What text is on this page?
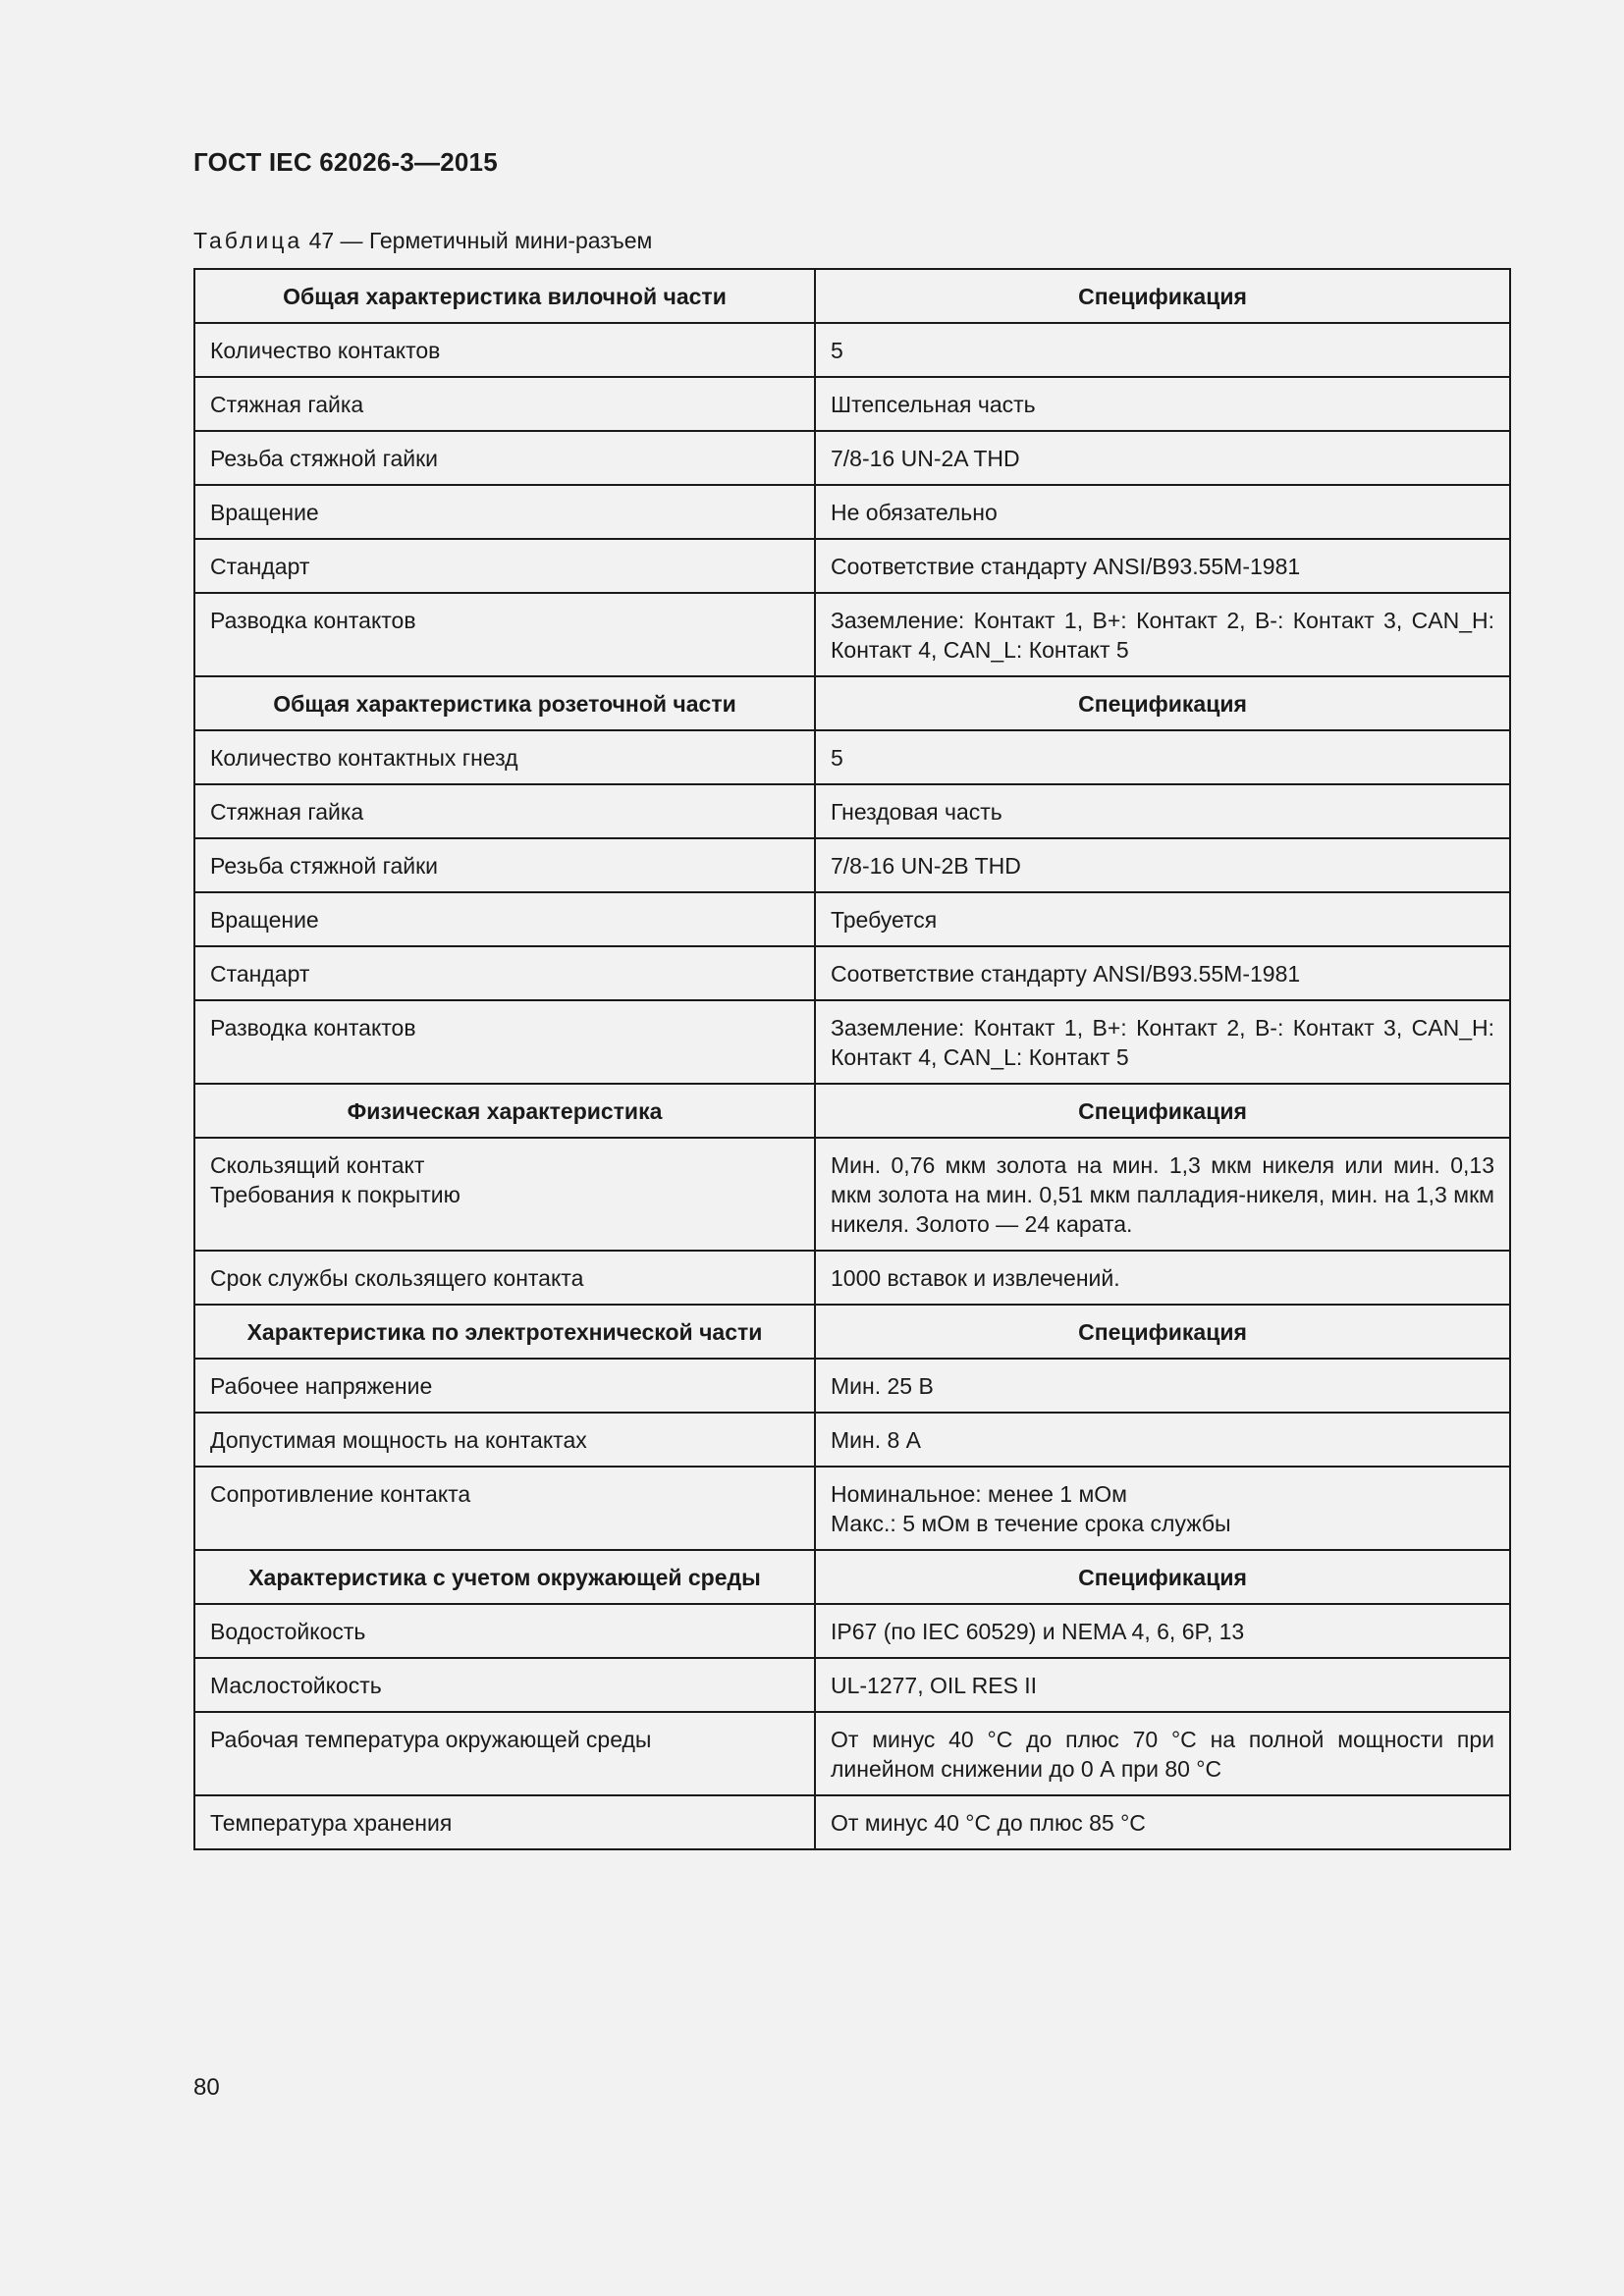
ГОСТ IEC 62026-3—2015
Таблица 47 — Герметичный мини-разъем
Общая характеристика вилочной части	Спецификация

Количество контактов	5

Стяжная гайка	Штепсельная часть

Резьба стяжной гайки	7/8-16 UN-2A THD

Вращение	Не обязательно

Стандарт	Соответствие стандарту ANSI/B93.55M-1981

Разводка контактов	Заземление: Контакт 1, B+: Контакт 2, B-: Контакт 3, CAN_H: Контакт 4, CAN_L: Контакт 5

Общая характеристика розеточной части	Спецификация

Количество контактных гнезд	5

Стяжная гайка	Гнездовая часть

Резьба стяжной гайки	7/8-16 UN-2B THD

Вращение	Требуется

Стандарт	Соответствие стандарту ANSI/B93.55M-1981

Разводка контактов	Заземление: Контакт 1, B+: Контакт 2, B-: Контакт 3, CAN_H: Контакт 4, CAN_L: Контакт 5

Физическая характеристика	Спецификация

Скользящий контакт
Требования к покрытию	Мин. 0,76 мкм золота на мин. 1,3 мкм никеля или мин. 0,13 мкм золота на мин. 0,51 мкм палладия-никеля, мин. на 1,3 мкм никеля. Золото — 24 карата.

Срок службы скользящего контакта	1000 вставок и извлечений.

Характеристика по электротехнической части	Спецификация

Рабочее напряжение	Мин. 25 В

Допустимая мощность на контактах	Мин. 8 А

Сопротивление контакта	Номинальное: менее 1 мОм
Макс.: 5 мОм в течение срока службы

Характеристика с учетом окружающей среды	Спецификация

Водостойкость	IP67 (по IEC 60529) и NEMA 4, 6, 6P, 13

Маслостойкость	UL-1277, OIL RES II

Рабочая температура окружающей среды	От минус 40 °C до плюс 70 °C на полной мощности при линейном снижении до 0 А при 80 °C

Температура хранения	От минус 40 °C до плюс 85 °C
80
